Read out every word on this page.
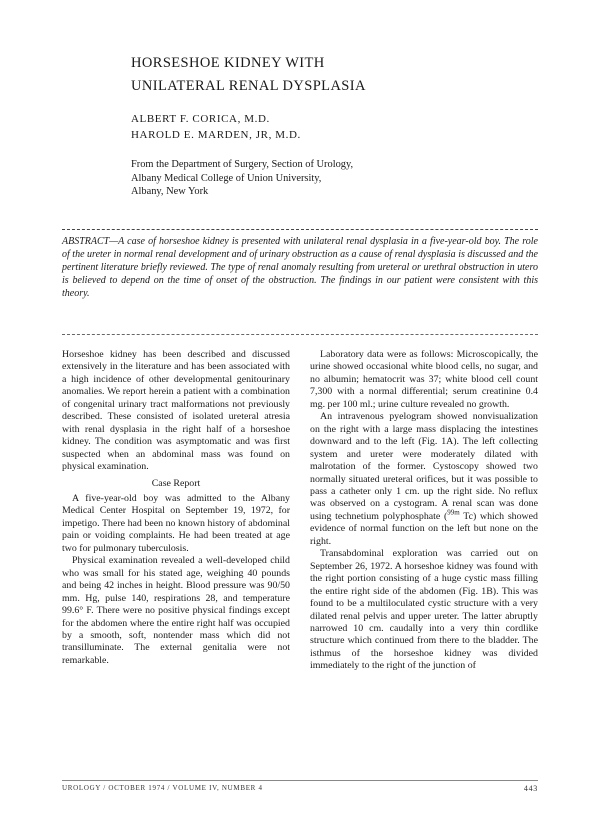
HORSESHOE KIDNEY WITH
UNILATERAL RENAL DYSPLASIA
ALBERT F. CORICA, M.D.
HAROLD E. MARDEN, JR, M.D.
From the Department of Surgery, Section of Urology,
Albany Medical College of Union University,
Albany, New York

ABSTRACT—A case of horseshoe kidney is presented with unilateral renal dysplasia in a five-year-old boy. The role of the ureter in normal renal development and of urinary obstruction as a cause of renal dysplasia is discussed and the pertinent literature briefly reviewed. The type of renal anomaly resulting from ureteral or urethral obstruction in utero is believed to depend on the time of onset of the obstruction. The findings in our patient were consistent with this theory.

Horseshoe kidney has been described and discussed extensively in the literature and has been associated with a high incidence of other developmental genitourinary anomalies. We report herein a patient with a combination of congenital urinary tract malformations not previously described. These consisted of isolated ureteral atresia with renal dysplasia in the right half of a horseshoe kidney. The condition was asymptomatic and was first suspected when an abdominal mass was found on physical examination.

Case Report

A five-year-old boy was admitted to the Albany Medical Center Hospital on September 19, 1972, for impetigo. There had been no known history of abdominal pain or voiding complaints. He had been treated at age two for pulmonary tuberculosis.

Physical examination revealed a well-developed child who was small for his stated age, weighing 40 pounds and being 42 inches in height. Blood pressure was 90/50 mm. Hg, pulse 140, respirations 28, and temperature 99.6° F. There were no positive physical findings except for the abdomen where the entire right half was occupied by a smooth, soft, nontender mass which did not transilluminate. The external genitalia were not remarkable.

Laboratory data were as follows: Microscopically, the urine showed occasional white blood cells, no sugar, and no albumin; hematocrit was 37; white blood cell count 7,300 with a normal differential; serum creatinine 0.4 mg. per 100 ml.; urine culture revealed no growth.

An intravenous pyelogram showed nonvisualization on the right with a large mass displacing the intestines downward and to the left (Fig. 1A). The left collecting system and ureter were moderately dilated with malrotation of the former. Cystoscopy showed two normally situated ureteral orifices, but it was possible to pass a catheter only 1 cm. up the right side. No reflux was observed on a cystogram. A renal scan was done using technetium polyphosphate ($^{99m}$ Tc) which showed evidence of normal function on the left but none on the right.

Transabdominal exploration was carried out on September 26, 1972. A horseshoe kidney was found with the right portion consisting of a huge cystic mass filling the entire right side of the abdomen (Fig. 1B). This was found to be a multiloculated cystic structure with a very dilated renal pelvis and upper ureter. The latter abruptly narrowed 10 cm. caudally into a very thin cordlike structure which continued from there to the bladder. The isthmus of the horseshoe kidney was divided immediately to the right of the junction of

UROLOGY / OCTOBER 1974 / VOLUME IV, NUMBER 4	443
